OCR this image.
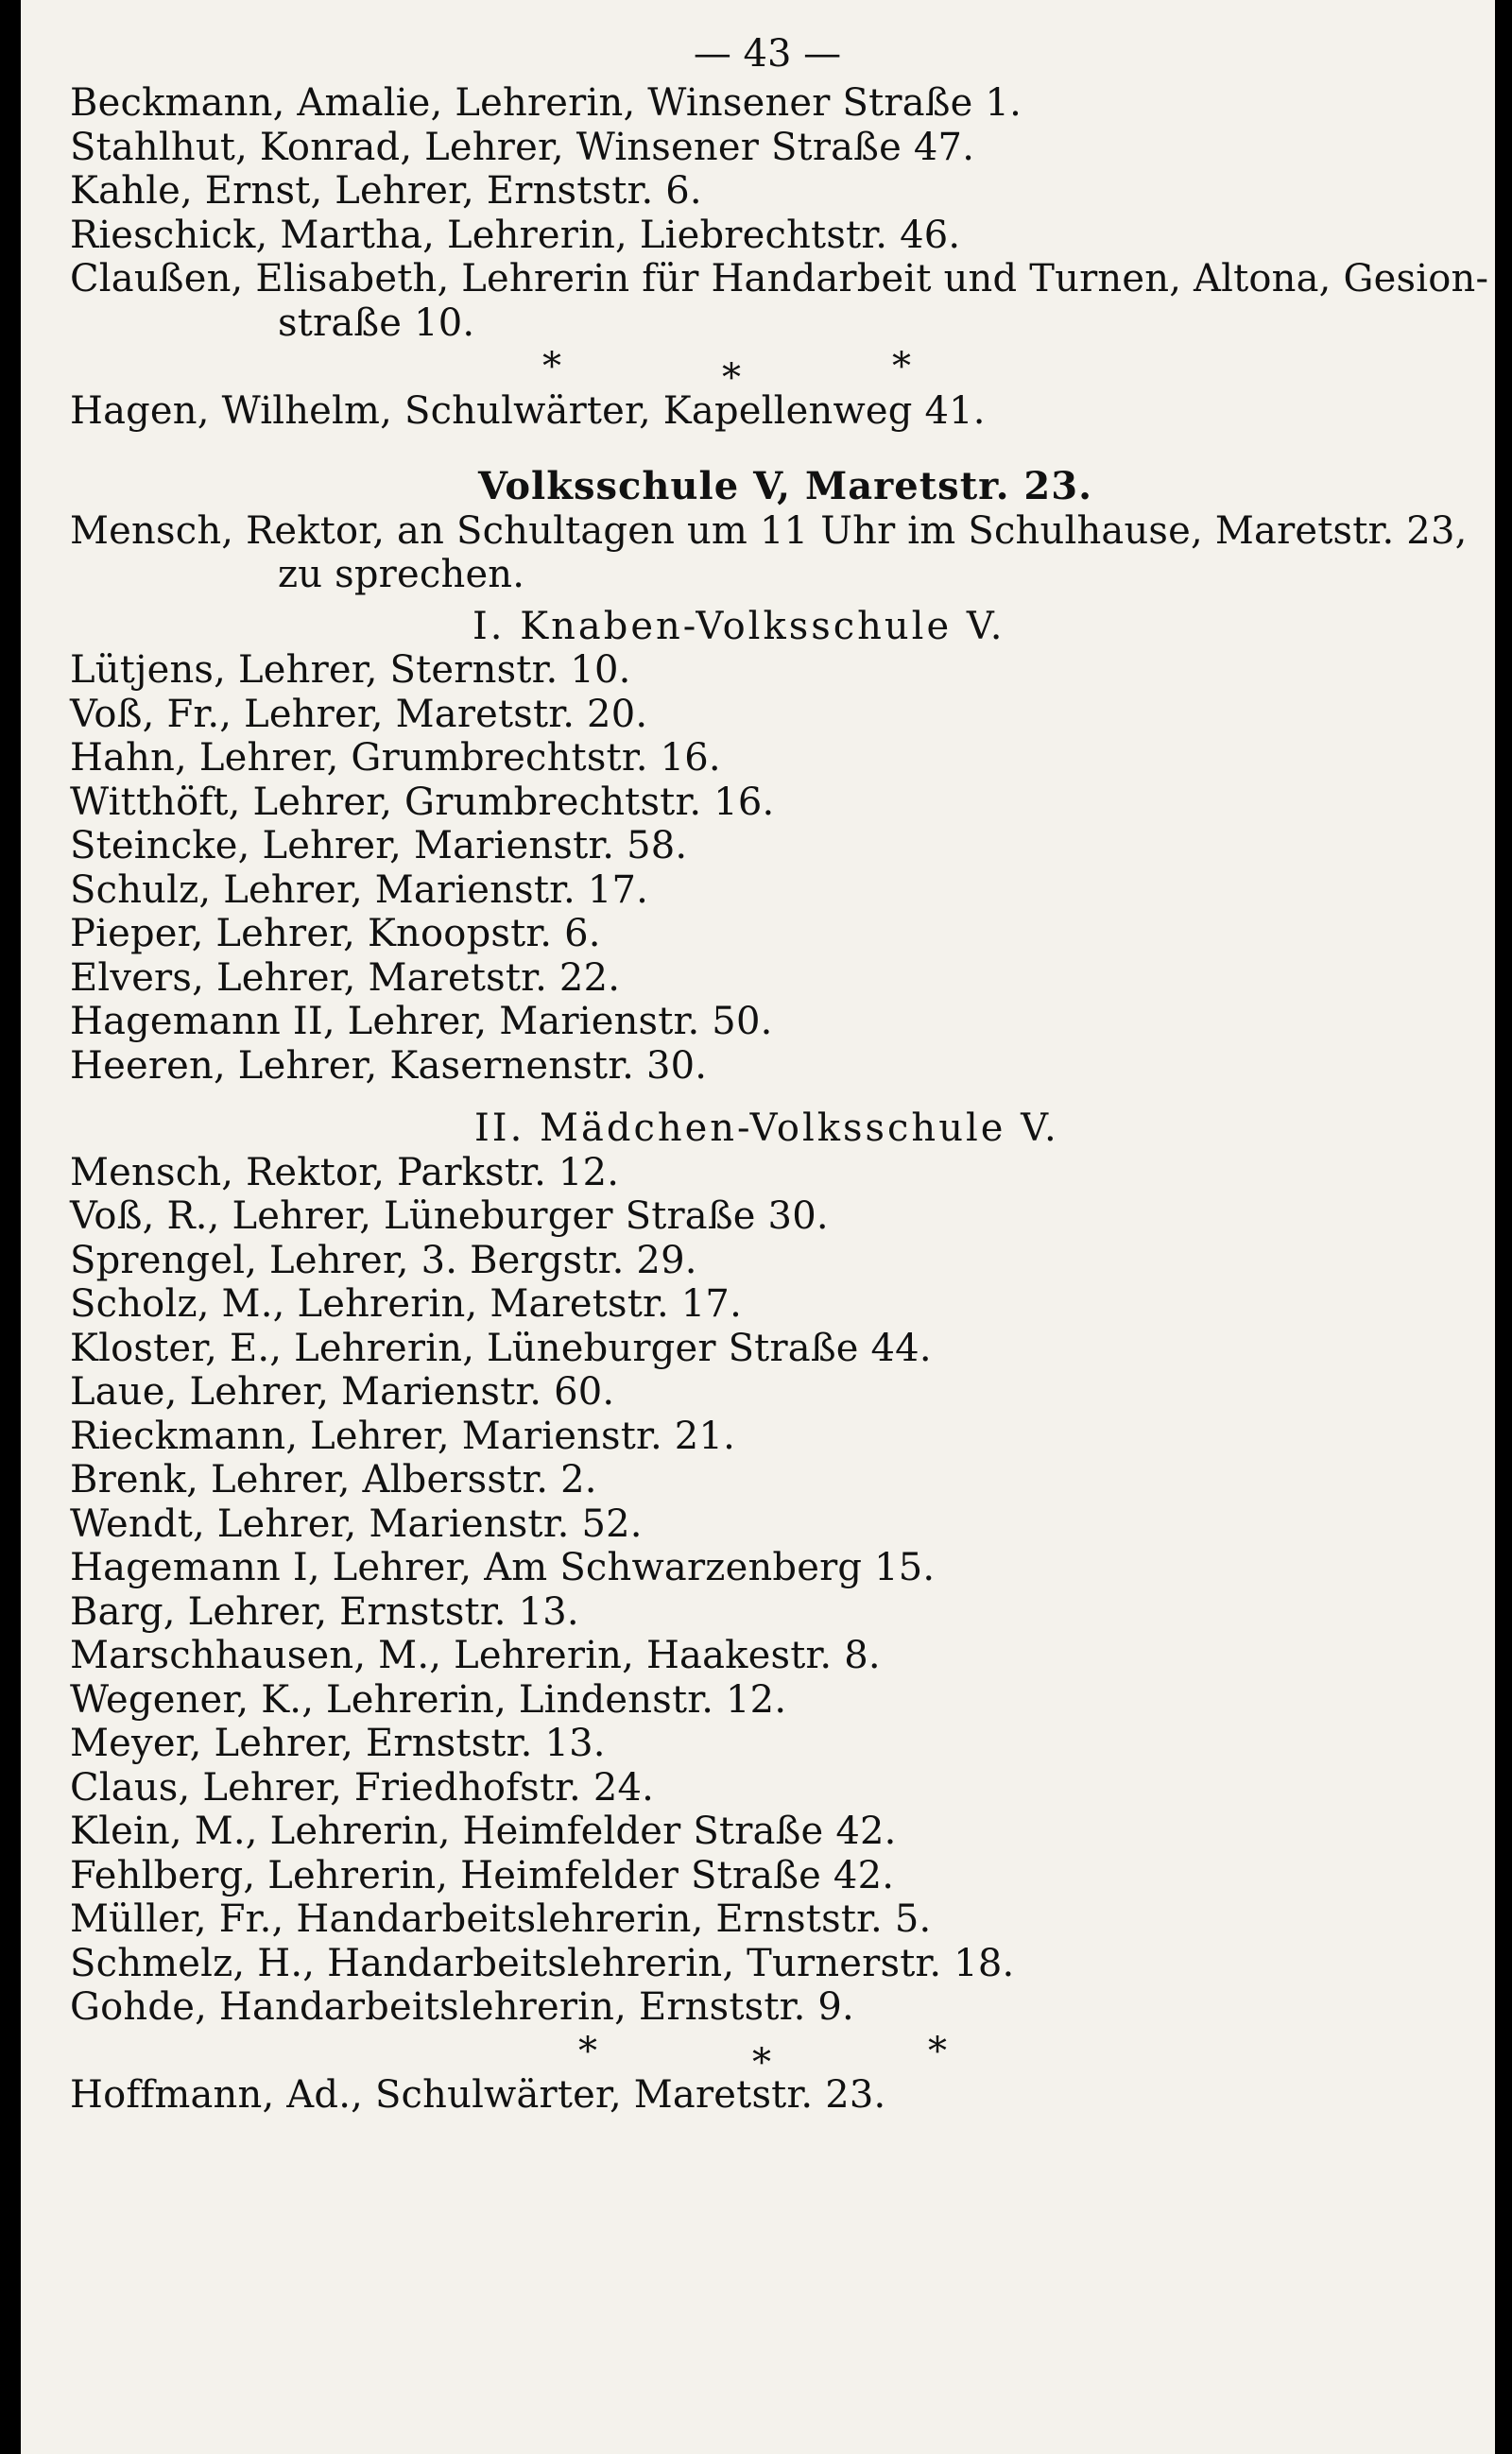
— 43 —
Beckmann, Amalie, Lehrerin, Winsener Straße 1.
Stahlhut, Konrad, Lehrer, Winsener Straße 47.
Kahle, Ernst, Lehrer, Ernststr. 6.
Rieschick, Martha, Lehrerin, Liebrechtstr. 46.
Claußen, Elisabeth, Lehrerin für Handarbeit und Turnen, Altona, Gesion-
straße 10.
*	*	*
Hagen, Wilhelm, Schulwärter, Kapellenweg 41.
Volksschule V, Maretstr. 23.
Mensch, Rektor, an Schultagen um 11 Uhr im Schulhause, Maretstr. 23,
zu sprechen.
I. Knaben-Volksschule V.
Lütjens, Lehrer, Sternstr. 10.
Voß, Fr., Lehrer, Maretstr. 20.
Hahn, Lehrer, Grumbrechtstr. 16.
Witthöft, Lehrer, Grumbrechtstr. 16.
Steincke, Lehrer, Marienstr. 58.
Schulz, Lehrer, Marienstr. 17.
Pieper, Lehrer, Knoopstr. 6.
Elvers, Lehrer, Maretstr. 22.
Hagemann II, Lehrer, Marienstr. 50.
Heeren, Lehrer, Kasernenstr. 30.
II. Mädchen-Volksschule V.
Mensch, Rektor, Parkstr. 12.
Voß, R., Lehrer, Lüneburger Straße 30.
Sprengel, Lehrer, 3. Bergstr. 29.
Scholz, M., Lehrerin, Maretstr. 17.
Kloster, E., Lehrerin, Lüneburger Straße 44.
Laue, Lehrer, Marienstr. 60.
Rieckmann, Lehrer, Marienstr. 21.
Brenk, Lehrer, Albersstr. 2.
Wendt, Lehrer, Marienstr. 52.
Hagemann I, Lehrer, Am Schwarzenberg 15.
Barg, Lehrer, Ernststr. 13.
Marschhausen, M., Lehrerin, Haakestr. 8.
Wegener, K., Lehrerin, Lindenstr. 12.
Meyer, Lehrer, Ernststr. 13.
Claus, Lehrer, Friedhofstr. 24.
Klein, M., Lehrerin, Heimfelder Straße 42.
Fehlberg, Lehrerin, Heimfelder Straße 42.
Müller, Fr., Handarbeitslehrerin, Ernststr. 5.
Schmelz, H., Handarbeitslehrerin, Turnerstr. 18.
Gohde, Handarbeitslehrerin, Ernststr. 9.
*	*	*
Hoffmann, Ad., Schulwärter, Maretstr. 23.
